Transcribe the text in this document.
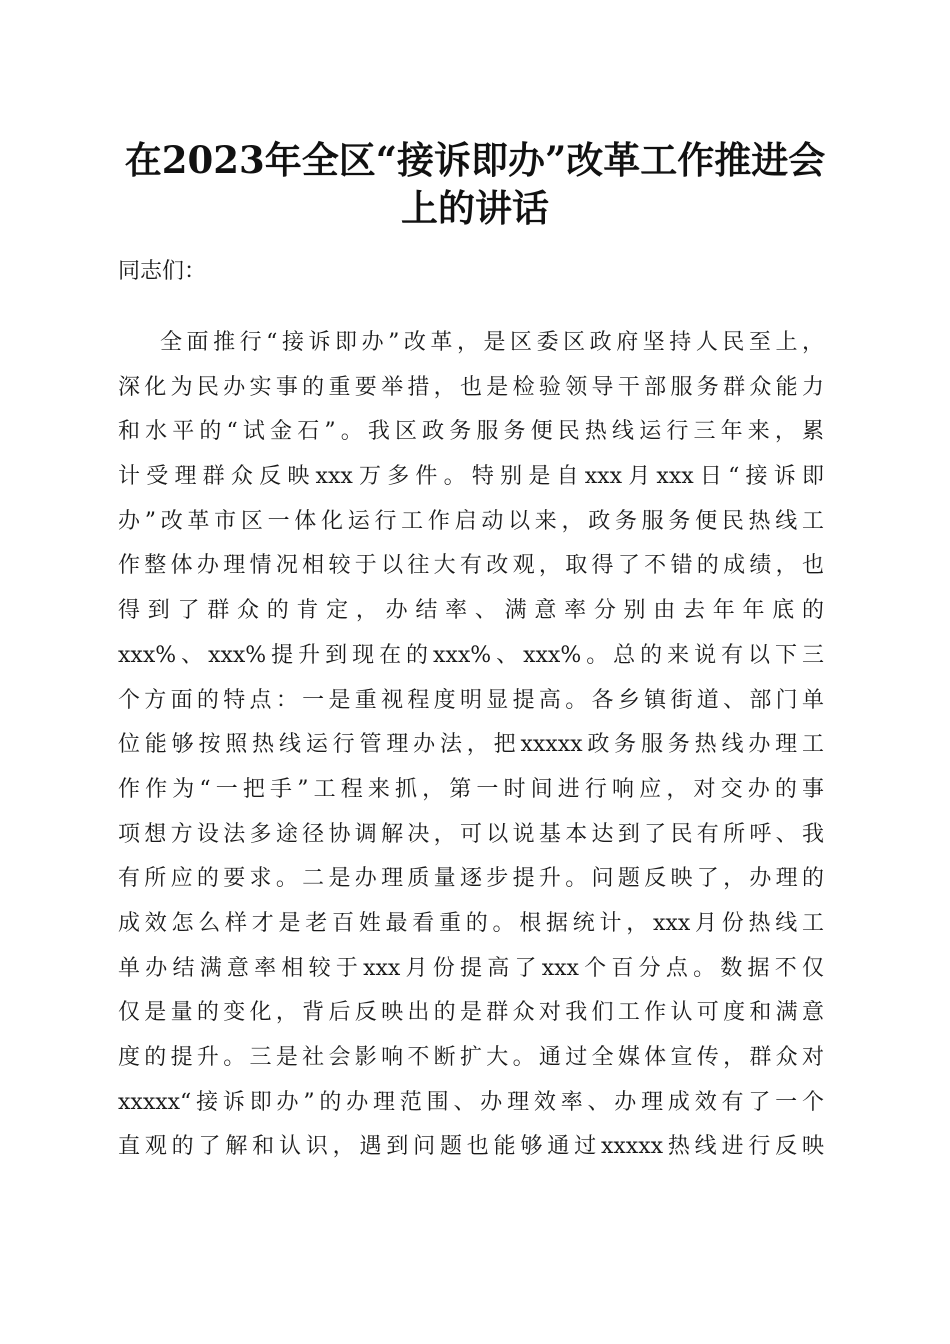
在2023年全区“接诉即办”改革工作推进会
上的讲话

同志们：

全面推行“接诉即办”改革，是区委区政府坚持人民至上，
深化为民办实事的重要举措，也是检验领导干部服务群众能力
和水平的“试金石”。我区政务服务便民热线运行三年来，累
计受理群众反映xxx万多件。特别是自xxx月xxx日“接诉即
办”改革市区一体化运行工作启动以来，政务服务便民热线工
作整体办理情况相较于以往大有改观，取得了不错的成绩，也
得到了群众的肯定，办结率、满意率分别由去年年底的
xxx%、xxx%提升到现在的xxx%、xxx%。总的来说有以下三
个方面的特点：一是重视程度明显提高。各乡镇街道、部门单
位能够按照热线运行管理办法，把xxxxx政务服务热线办理工
作作为“一把手”工程来抓，第一时间进行响应，对交办的事
项想方设法多途径协调解决，可以说基本达到了民有所呼、我
有所应的要求。二是办理质量逐步提升。问题反映了，办理的
成效怎么样才是老百姓最看重的。根据统计，xxx月份热线工
单办结满意率相较于xxx月份提高了xxx个百分点。数据不仅
仅是量的变化，背后反映出的是群众对我们工作认可度和满意
度的提升。三是社会影响不断扩大。通过全媒体宣传，群众对
xxxxx“接诉即办”的办理范围、办理效率、办理成效有了一个
直观的了解和认识，遇到问题也能够通过xxxxx热线进行反映
